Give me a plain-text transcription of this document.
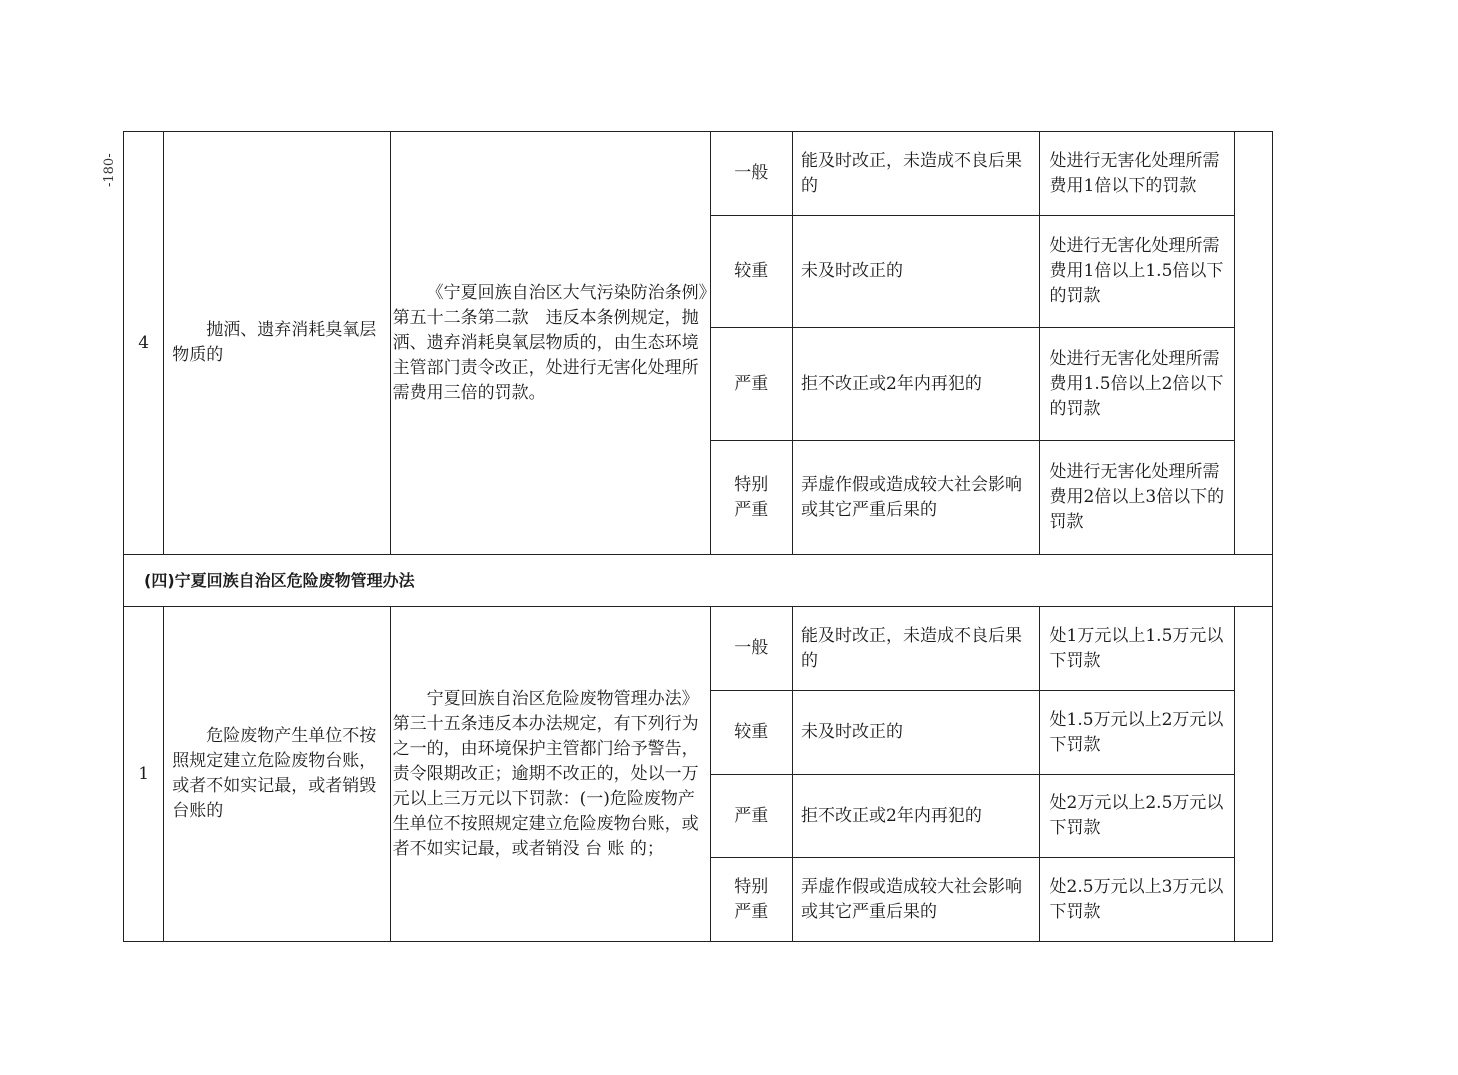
-180-
4	抛洒、遗弃消耗臭氧层物质的	《宁夏回族自治区大气污染防治条例》第五十二条第二款　违反本条例规定，抛洒、遗弃消耗臭氧层物质的，由生态环境主管部门责令改正，处进行无害化处理所需费用三倍的罚款。	一般	能及时改正，未造成不良后果的	处进行无害化处理所需费用1倍以下的罚款	
			较重	未及时改正的	处进行无害化处理所需费用1倍以上1.5倍以下的罚款	
			严重	拒不改正或2年内再犯的	处进行无害化处理所需费用1.5倍以上2倍以下的罚款	
			特别严重	弄虚作假或造成较大社会影响或其它严重后果的	处进行无害化处理所需费用2倍以上3倍以下的罚款	
(四)宁夏回族自治区危险废物管理办法						
1	危险废物产生单位不按照规定建立危险废物台账，或者不如实记最，或者销毁台账的	宁夏回族自治区危险废物管理办法》第三十五条违反本办法规定，有下列行为之一的，由环境保护主管都门给予警告，责令限期改正；逾期不改正的，处以一万元以上三万元以下罚款：(一)危险废物产生单位不按照规定建立危险废物台账，或者不如实记最，或者销没 台 账 的；	一般	能及时改正，未造成不良后果的	处1万元以上1.5万元以下罚款	
			较重	未及时改正的	处1.5万元以上2万元以下罚款	
			严重	拒不改正或2年内再犯的	处2万元以上2.5万元以下罚款	
			特别严重	弄虚作假或造成较大社会影响或其它严重后果的	处2.5万元以上3万元以下罚款	
